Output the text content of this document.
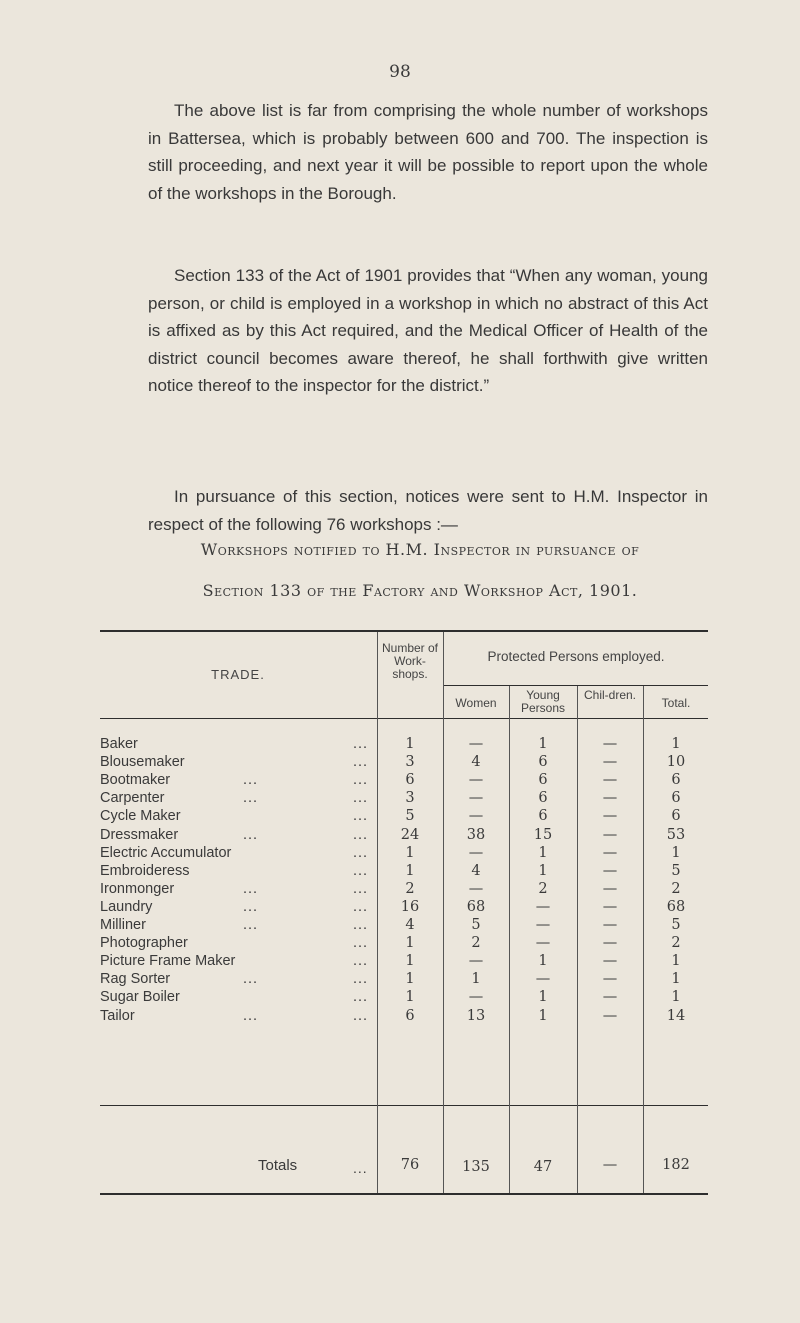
98
The above list is far from comprising the whole number of workshops in Battersea, which is probably between 600 and 700. The inspection is still proceeding, and next year it will be possible to report upon the whole of the workshops in the Borough.
Section 133 of the Act of 1901 provides that “When any woman, young person, or child is employed in a workshop in which no abstract of this Act is affixed as by this Act required, and the Medical Officer of Health of the district council becomes aware thereof, he shall forthwith give written notice thereof to the inspector for the district.”
In pursuance of this section, notices were sent to H.M. Inspector in respect of the following 76 workshops :—
Workshops notified to H.M. Inspector in pursuance of
Section 133 of the Factory and Workshop Act, 1901.
TRADE.
Number of Work-shops.
Protected Persons employed.
Women
Young Persons
Chil-dren.
Total.
Baker	...	1	—	1	—	1
Blousemaker	...	3	4	6	—	10
Bootmaker	...	...	6	—	6	—	6
Carpenter	...	...	3	—	6	—	6
Cycle Maker	...	5	—	6	—	6
Dressmaker	...	...	24	38	15	—	53
Electric Accumulator	...	1	—	1	—	1
Embroideress	...	1	4	1	—	5
Ironmonger	...	...	2	—	2	—	2
Laundry	...	...	16	68	—	—	68
Milliner	...	...	4	5	—	—	5
Photographer	...	1	2	—	—	2
Picture Frame Maker	...	1	—	1	—	1
Rag Sorter	...	...	1	1	—	—	1
Sugar Boiler	...	1	—	1	—	1
Tailor	...	...	6	13	1	—	14
Totals	...	76	135	47	—	182
